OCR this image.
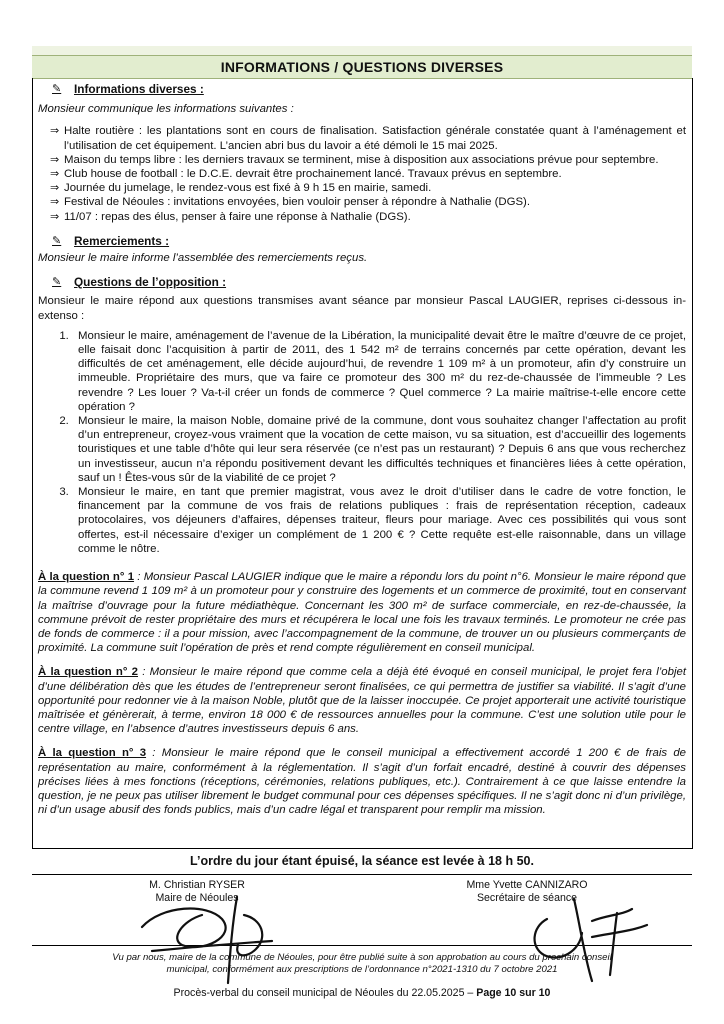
INFORMATIONS / QUESTIONS DIVERSES
✎ Informations diverses :
Monsieur communique les informations suivantes :
⇒ Halte routière : les plantations sont en cours de finalisation. Satisfaction générale constatée quant à l’aménagement et l’utilisation de cet équipement. L’ancien abri bus du lavoir a été démoli le 15 mai 2025.
⇒ Maison du temps libre : les derniers travaux se terminent, mise à disposition aux associations prévue pour septembre.
⇒ Club house de football : le D.C.E. devrait être prochainement lancé. Travaux prévus en septembre.
⇒ Journée du jumelage, le rendez-vous est fixé à 9 h 15 en mairie, samedi.
⇒ Festival de Néoules : invitations envoyées, bien vouloir penser à répondre à Nathalie (DGS).
⇒ 11/07 : repas des élus, penser à faire une réponse à Nathalie (DGS).
✎ Remerciements :
Monsieur le maire informe l’assemblée des remerciements reçus.
✎ Questions de l’opposition :
Monsieur le maire répond aux questions transmises avant séance par monsieur Pascal LAUGIER, reprises ci-dessous in-extenso :
1. Monsieur le maire, aménagement de l’avenue de la Libération, la municipalité devait être le maître d’œuvre de ce projet, elle faisait donc l’acquisition à partir de 2011, des 1 542 m² de terrains concernés par cette opération, devant les difficultés de cet aménagement, elle décide aujourd’hui, de revendre 1 109 m² à un promoteur, afin d’y construire un immeuble. Propriétaire des murs, que va faire ce promoteur des 300 m² du rez-de-chaussée de l’immeuble ? Les revendre ? Les louer ? Va-t-il créer un fonds de commerce ? Quel commerce ? La mairie maîtrise-t-elle encore cette opération ?
2. Monsieur le maire, la maison Noble, domaine privé de la commune, dont vous souhaitez changer l’affectation au profit d’un entrepreneur, croyez-vous vraiment que la vocation de cette maison, vu sa situation, est d’accueillir des logements touristiques et une table d’hôte qui leur sera réservée (ce n’est pas un restaurant) ? Depuis 6 ans que vous recherchez un investisseur, aucun n’a répondu positivement devant les difficultés techniques et financières liées à cette opération, sauf un ! Êtes-vous sûr de la viabilité de ce projet ?
3. Monsieur le maire, en tant que premier magistrat, vous avez le droit d’utiliser dans le cadre de votre fonction, le financement par la commune de vos frais de relations publiques : frais de représentation réception, cadeaux protocolaires, vos déjeuners d’affaires, dépenses traiteur, fleurs pour mariage. Avec ces possibilités qui vous sont offertes, est-il nécessaire d’exiger un complément de 1 200 € ? Cette requête est-elle raisonnable, dans un village comme le nôtre.
À la question n° 1 : Monsieur Pascal LAUGIER indique que le maire a répondu lors du point n°6. Monsieur le maire répond que la commune revend 1 109 m² à un promoteur pour y construire des logements et un commerce de proximité, tout en conservant la maîtrise d’ouvrage pour la future médiathèque. Concernant les 300 m² de surface commerciale, en rez-de-chaussée, la commune prévoit de rester propriétaire des murs et récupérera le local une fois les travaux terminés. Le promoteur ne crée pas de fonds de commerce : il a pour mission, avec l’accompagnement de la commune, de trouver un ou plusieurs commerçants de proximité. La commune suit l’opération de près et rend compte régulièrement en conseil municipal.
À la question n° 2 : Monsieur le maire répond que comme cela a déjà été évoqué en conseil municipal, le projet fera l’objet d’une délibération dès que les études de l’entrepreneur seront finalisées, ce qui permettra de justifier sa viabilité. Il s’agit d’une opportunité pour redonner vie à la maison Noble, plutôt que de la laisser inoccupée. Ce projet apporterait une activité touristique maîtrisée et génèrerait, à terme, environ 18 000 € de ressources annuelles pour la commune. C’est une solution utile pour le centre village, en l’absence d’autres investisseurs depuis 6 ans.
À la question n° 3 : Monsieur le maire répond que le conseil municipal a effectivement accordé 1 200 € de frais de représentation au maire, conformément à la réglementation. Il s’agit d’un forfait encadré, destiné à couvrir des dépenses précises liées à mes fonctions (réceptions, cérémonies, relations publiques, etc.). Contrairement à ce que laisse entendre la question, je ne peux pas utiliser librement le budget communal pour ces dépenses spécifiques. Il ne s’agit donc ni d’un privilège, ni d’un usage abusif des fonds publics, mais d’un cadre légal et transparent pour remplir ma mission.
L’ordre du jour étant épuisé, la séance est levée à 18 h 50.
M. Christian RYSER
Maire de Néoules
Mme Yvette CANNIZARO
Secrétaire de séance
Vu par nous, maire de la commune de Néoules, pour être publié suite à son approbation au cours du prochain conseil municipal, conformément aux prescriptions de l’ordonnance n°2021-1310 du 7 octobre 2021
Procès-verbal du conseil municipal de Néoules du 22.05.2025 – Page 10 sur 10
